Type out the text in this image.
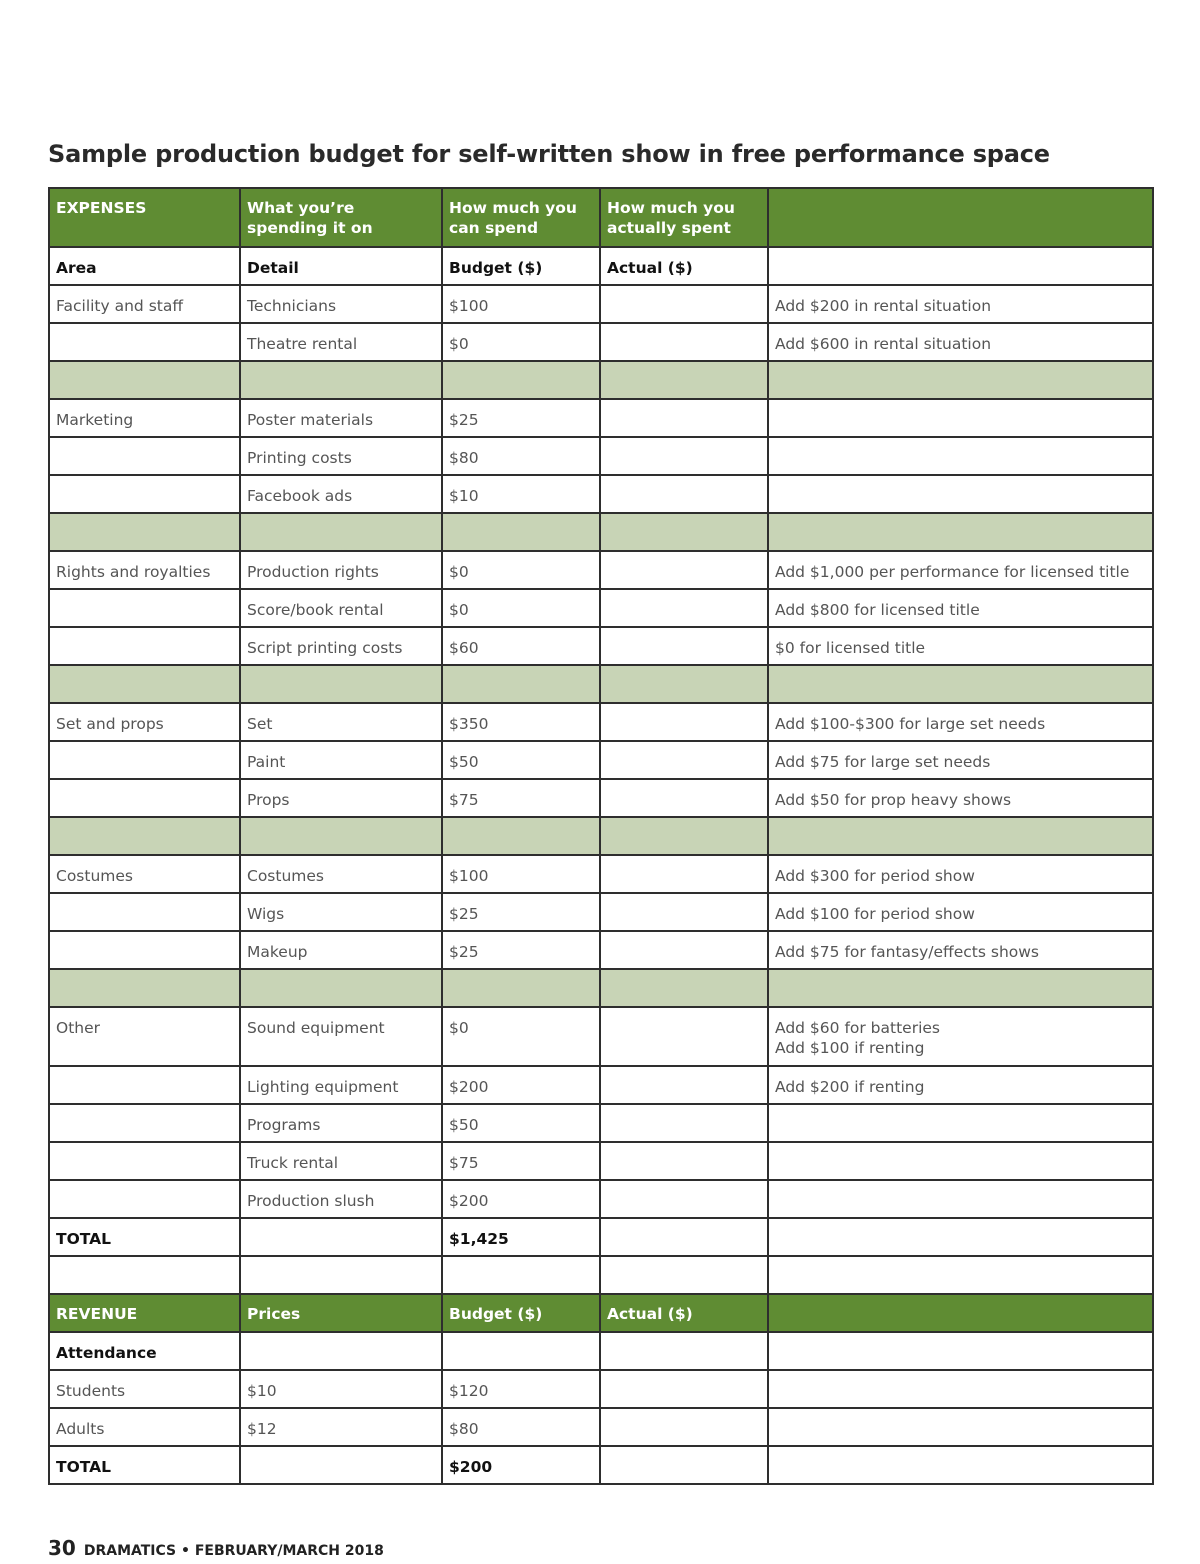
Sample production budget for self-written show in free performance space
EXPENSES	What you’re spending it on	How much you can spend	How much you actually spent	

Area	Detail	Budget ($)	Actual ($)	
Facility and staff	Technicians	$100		Add $200 in rental situation
	Theatre rental	$0		Add $600 in rental situation

Marketing	Poster materials	$25		
	Printing costs	$80		
	Facebook ads	$10		

Rights and royalties	Production rights	$0		Add $1,000 per performance for licensed title
	Score/book rental	$0		Add $800 for licensed title
	Script printing costs	$60		$0 for licensed title

Set and props	Set	$350		Add $100-$300 for large set needs
	Paint	$50		Add $75 for large set needs
	Props	$75		Add $50 for prop heavy shows

Costumes	Costumes	$100		Add $300 for period show
	Wigs	$25		Add $100 for period show
	Makeup	$25		Add $75 for fantasy/effects shows

Other	Sound equipment	$0		Add $60 for batteries
Add $100 if renting

	Lighting equipment	$200		Add $200 if renting
	Programs	$50		
	Truck rental	$75		
	Production slush	$200		
TOTAL		$1,425		

REVENUE	Prices	Budget ($)	Actual ($)	
Attendance				
Students	$10	$120		
Adults	$12	$80		
TOTAL		$200		
30 DRAMATICS • FEBRUARY/MARCH 2018
